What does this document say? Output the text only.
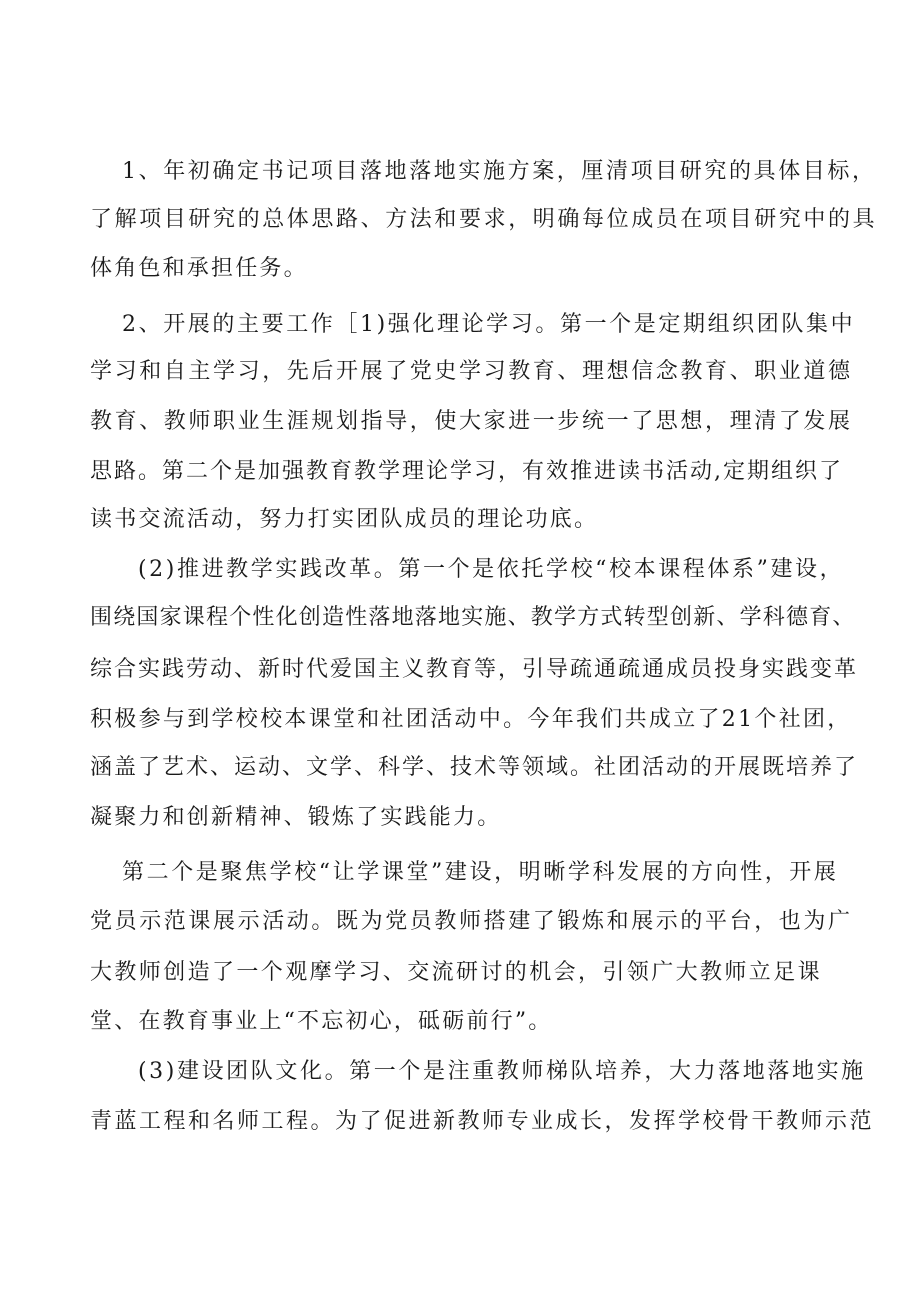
1、年初确定书记项目落地落地实施方案，厘清项目研究的具体目标，
了解项目研究的总体思路、方法和要求，明确每位成员在项目研究中的具
体角色和承担任务。
2、开展的主要工作［1)强化理论学习。第一个是定期组织团队集中
学习和自主学习，先后开展了党史学习教育、理想信念教育、职业道德
教育、教师职业生涯规划指导，使大家进一步统一了思想，理清了发展
思路。第二个是加强教育教学理论学习，有效推进读书活动,定期组织了
读书交流活动，努力打实团队成员的理论功底。
(2)推进教学实践改革。第一个是依托学校“校本课程体系”建设，
围绕国家课程个性化创造性落地落地实施、教学方式转型创新、学科德育、
综合实践劳动、新时代爱国主义教育等，引导疏通疏通成员投身实践变革
积极参与到学校校本课堂和社团活动中。今年我们共成立了21个社团，
涵盖了艺术、运动、文学、科学、技术等领域。社团活动的开展既培养了
凝聚力和创新精神、锻炼了实践能力。
第二个是聚焦学校“让学课堂”建设，明晰学科发展的方向性，开展
党员示范课展示活动。既为党员教师搭建了锻炼和展示的平台，也为广
大教师创造了一个观摩学习、交流研讨的机会，引领广大教师立足课
堂、在教育事业上“不忘初心，砥砺前行”。
(3)建设团队文化。第一个是注重教师梯队培养，大力落地落地实施
青蓝工程和名师工程。为了促进新教师专业成长，发挥学校骨干教师示范
